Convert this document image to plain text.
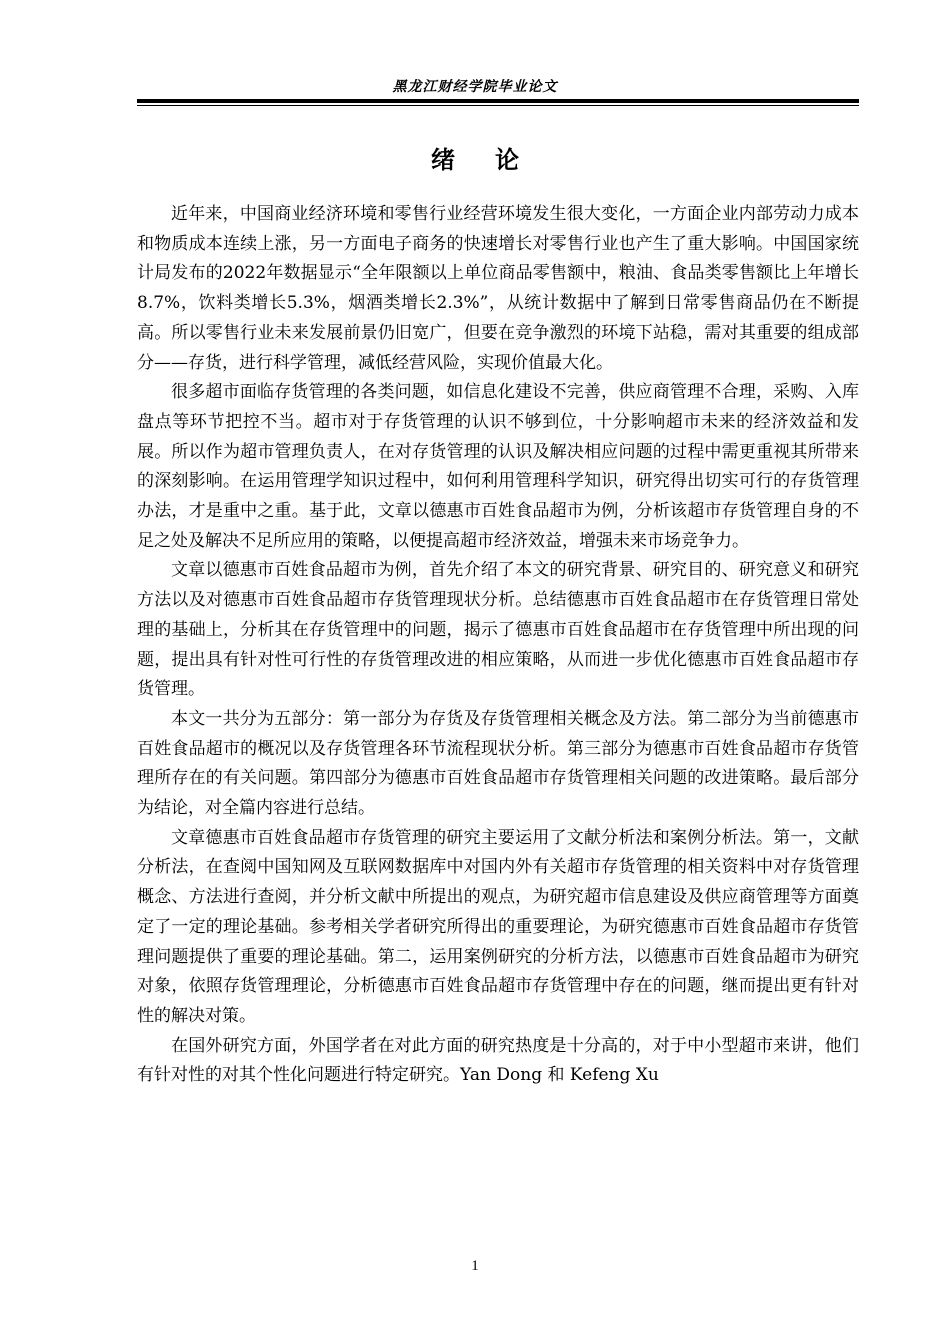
黑龙江财经学院毕业论文
绪论

近年来，中国商业经济环境和零售行业经营环境发生很大变化，一方面企业内部劳动力成本和物质成本连续上涨，另一方面电子商务的快速增长对零售行业也产生了重大影响。中国国家统计局发布的2022年数据显示“全年限额以上单位商品零售额中，粮油、食品类零售额比上年增长8.7%，饮料类增长5.3%，烟酒类增长2.3%”，从统计数据中了解到日常零售商品仍在不断提高。所以零售行业未来发展前景仍旧宽广，但要在竞争激烈的环境下站稳，需对其重要的组成部分——存货，进行科学管理，减低经营风险，实现价值最大化。

很多超市面临存货管理的各类问题，如信息化建设不完善，供应商管理不合理，采购、入库盘点等环节把控不当。超市对于存货管理的认识不够到位，十分影响超市未来的经济效益和发展。所以作为超市管理负责人，在对存货管理的认识及解决相应问题的过程中需更重视其所带来的深刻影响。在运用管理学知识过程中，如何利用管理科学知识，研究得出切实可行的存货管理办法，才是重中之重。基于此，文章以德惠市百姓食品超市为例，分析该超市存货管理自身的不足之处及解决不足所应用的策略，以便提高超市经济效益，增强未来市场竞争力。

文章以德惠市百姓食品超市为例，首先介绍了本文的研究背景、研究目的、研究意义和研究方法以及对德惠市百姓食品超市存货管理现状分析。总结德惠市百姓食品超市在存货管理日常处理的基础上，分析其在存货管理中的问题，揭示了德惠市百姓食品超市在存货管理中所出现的问题，提出具有针对性可行性的存货管理改进的相应策略，从而进一步优化德惠市百姓食品超市存货管理。

本文一共分为五部分：第一部分为存货及存货管理相关概念及方法。第二部分为当前德惠市百姓食品超市的概况以及存货管理各环节流程现状分析。第三部分为德惠市百姓食品超市存货管理所存在的有关问题。第四部分为德惠市百姓食品超市存货管理相关问题的改进策略。最后部分为结论，对全篇内容进行总结。

文章德惠市百姓食品超市存货管理的研究主要运用了文献分析法和案例分析法。第一，文献分析法，在查阅中国知网及互联网数据库中对国内外有关超市存货管理的相关资料中对存货管理概念、方法进行查阅，并分析文献中所提出的观点，为研究超市信息建设及供应商管理等方面奠定了一定的理论基础。参考相关学者研究所得出的重要理论，为研究德惠市百姓食品超市存货管理问题提供了重要的理论基础。第二，运用案例研究的分析方法，以德惠市百姓食品超市为研究对象，依照存货管理理论，分析德惠市百姓食品超市存货管理中存在的问题，继而提出更有针对性的解决对策。

在国外研究方面，外国学者在对此方面的研究热度是十分高的，对于中小型超市来讲，他们有针对性的对其个性化问题进行特定研究。Yan Dong 和 Kefeng Xu

1
